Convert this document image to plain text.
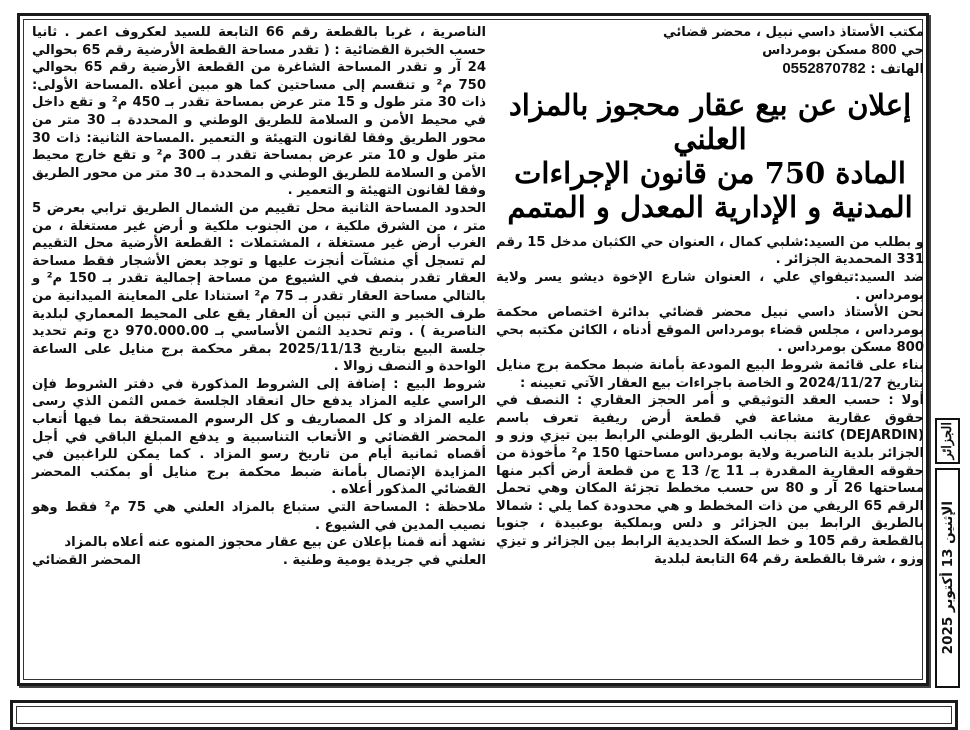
مكتب الأستاذ داسي نبيل ، محضر قضائي

حي 800 مسكن بومرداس

الهاتف : 0552870782

إعلان عن بيع عقار محجوز بالمزاد
العلني
المادة 750 من قانون الإجراءات
المدنية و الإدارية المعدل و المتمم

و بطلب من السيد:شلبي كمال ، العنوان حي الكثبان مدخل 15 رقم 331 المحمدية الجزائر .

ضد السيد:تيفواي علي ، العنوان شارع الإخوة ديشو يسر ولاية بومرداس .

نحن الأستاذ داسي نبيل محضر قضائي بدائرة اختصاص محكمة بومرداس ، مجلس قضاء بومرداس الموقع أدناه ، الكائن مكتبه بحي 800 مسكن بومرداس .

بناء على قائمة شروط البيع المودعة بأمانة ضبط محكمة برج منايل بتاريخ 2024/11/27 و الخاصة باجراءات بيع العقار الآتي تعيينه :

أولا : حسب العقد التوثيقي و أمر الحجز العقاري : النصف في حقوق عقارية مشاعة في قطعة أرض ريفية تعرف باسم (DEJARDIN) كائنة بجانب الطريق الوطني الرابط بين تيزي وزو و الجزائر بلدية الناصرية ولاية بومرداس مساحتها 150 م² مأخوذة من حقوقه العقارية المقدرة بـ 11 ج/ 13 ج من قطعة أرض أكبر منها مساحتها 26 آر و 80 س حسب مخطط تجزئة المكان وهي تحمل الرقم 65 الريفي من ذات المخطط و هي محدودة كما يلي : شمالا بالطريق الرابط بين الجزائر و دلس وبملكية بوعبيدة ، جنوبا بالقطعة رقم 105 و خط السكة الحديدية الرابط بين الجزائر و تيزي وزو ، شرقا بالقطعة رقم 64 التابعة لبلدية

الناصرية ، غربا بالقطعة رقم 66 التابعة للسيد لعكروف اعمر . ثانيا حسب الخبرة القضائية : ( تقدر مساحة القطعة الأرضية رقم 65 بحوالي 24 آر و تقدر المساحة الشاغرة من القطعة الأرضية رقم 65 بحوالي 750 م² و تنقسم إلى مساحتين كما هو مبين أعلاه .المساحة الأولى: ذات 30 متر طول و 15 متر عرض بمساحة تقدر بـ 450 م² و تقع داخل في محيط الأمن و السلامة للطريق الوطني و المحددة بـ 30 متر من محور الطريق وفقا لقانون التهيئة و التعمير .المساحة الثانية: ذات 30 متر طول و 10 متر عرض بمساحة تقدر بـ 300 م² و تقع خارج محيط الأمن و السلامة للطريق الوطني و المحددة بـ 30 متر من محور الطريق وفقا لقانون التهيئة و التعمير .

الحدود المساحة الثانية محل تقييم من الشمال الطريق ترابي بعرض 5 متر ، من الشرق ملكية ، من الجنوب ملكية و أرض غير مستغلة ، من الغرب أرض غير مستغلة ، المشتملات : القطعة الأرضية محل التقييم لم تسجل أي منشآت أنجزت عليها و توجد بعض الأشجار فقط مساحة العقار تقدر بنصف في الشيوع من مساحة إجمالية تقدر بـ 150 م² و بالتالي مساحة العقار تقدر بـ 75 م² استنادا على المعاينة الميدانية من طرف الخبير و التي تبين أن العقار يقع على المحيط المعماري لبلدية الناصرية ) . وتم تحديد الثمن الأساسي بـ 970.000.00 دج وتم تحديد جلسة البيع بتاريخ 2025/11/13 بمقر محكمة برج منايل على الساعة الواحدة و النصف زوالا .

شروط البيع : إضافة إلى الشروط المذكورة في دفتر الشروط فإن الراسي عليه المزاد يدفع حال انعقاد الجلسة خمس الثمن الذي رسى عليه المزاد و كل المصاريف و كل الرسوم المستحقة بما فيها أتعاب المحضر القضائي و الأتعاب التناسبية و يدفع المبلغ الباقي في أجل أقصاه ثمانية أيام من تاريخ رسو المزاد . كما يمكن للراغبين في المزايدة الإتصال بأمانة ضبط محكمة برج منايل أو بمكتب المحضر القضائي المذكور أعلاه .

ملاحظة : المساحة التي ستباع بالمزاد العلني هي 75 م² فقط وهو نصيب المدين في الشيوع .

نشهد أنه قمنا بإعلان عن بيع عقار محجوز المنوه عنه أعلاه بالمزاد

العلني في جريدة يومية وطنية .
المحضر القضائي
الجزائر
الإثنين 13 أكتوبر 2025
